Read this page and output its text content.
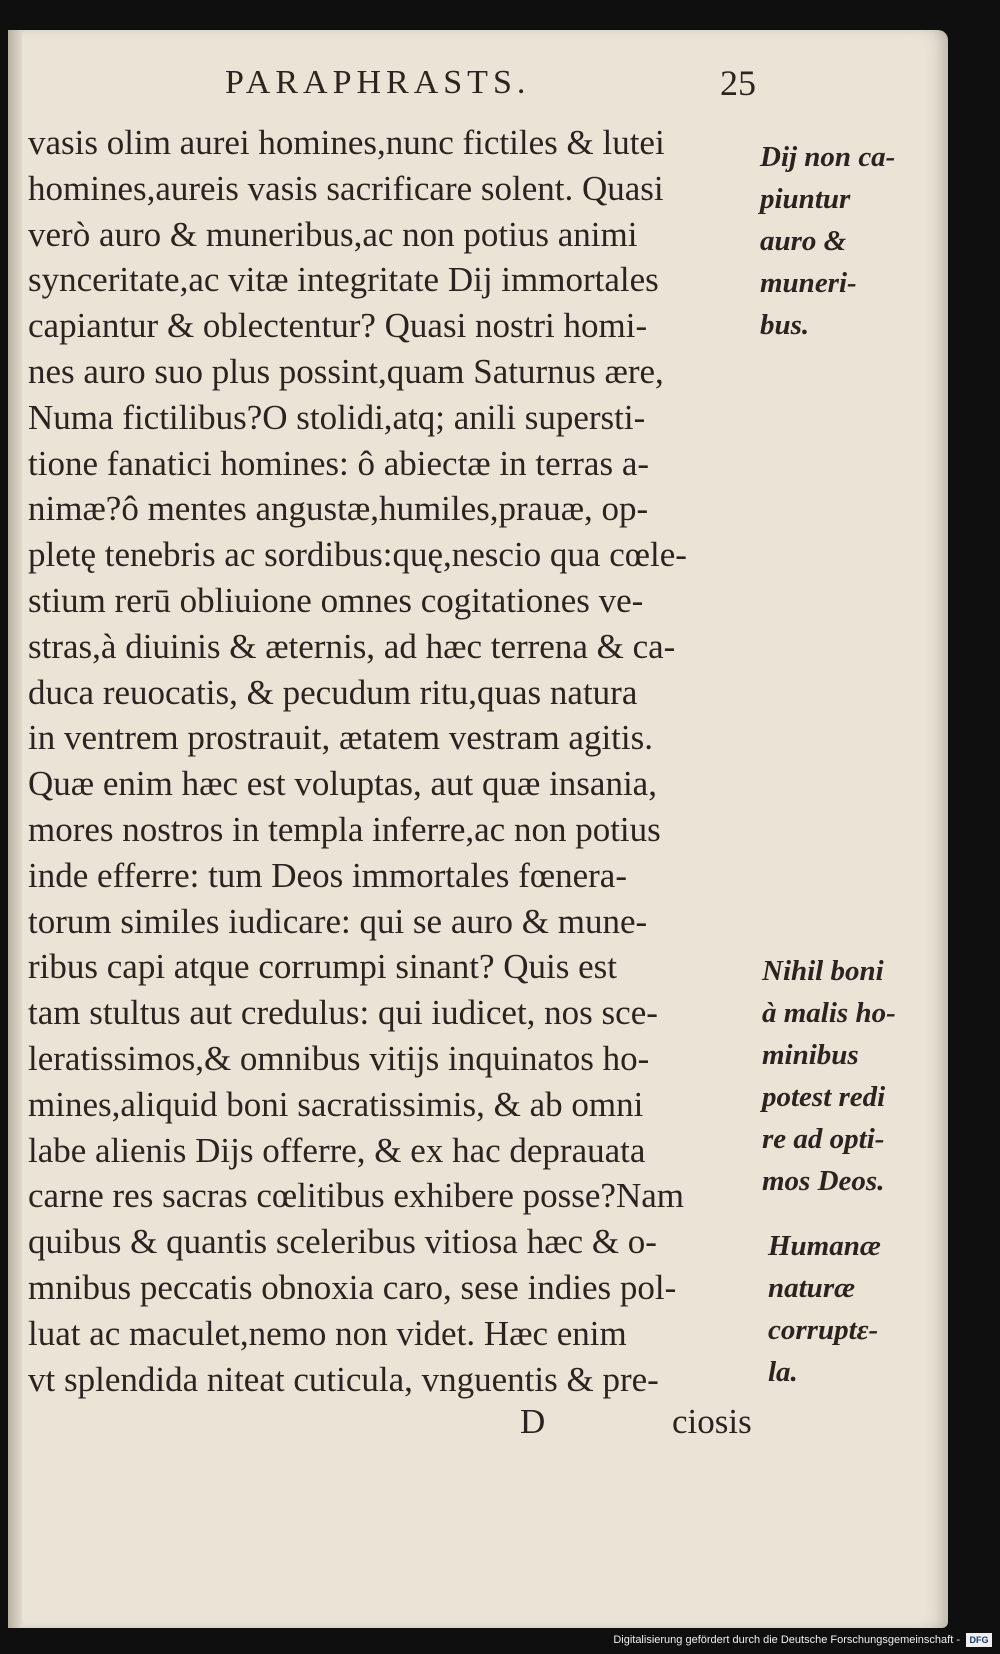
PARAPHRASTS.	25
vasis olim aurei homines,nunc fictiles & lutei
homines,aureis vasis sacrificare solent. Quasi
verò auro & muneribus,ac non potius animi
synceritate,ac vitæ integritate Dij immortales
capiantur & oblectentur? Quasi nostri homi-
nes auro suo plus possint,quam Saturnus ære,
Numa fictilibus?O stolidi,atq; anili supersti-
tione fanatici homines: ô abiectæ in terras a-
nimæ?ô mentes angustæ,humiles,prauæ, op-
pletę tenebris ac sordibus:quę,nescio qua cœle-
stium rerū obliuione omnes cogitationes ve-
stras,à diuinis & æternis, ad hæc terrena & ca-
duca reuocatis, & pecudum ritu,quas natura
in ventrem prostrauit, ætatem vestram agitis.
Quæ enim hæc est voluptas, aut quæ insania,
mores nostros in templa inferre,ac non potius
inde efferre: tum Deos immortales fœnera-
torum similes iudicare: qui se auro & mune-
ribus capi atque corrumpi sinant? Quis est
tam stultus aut credulus: qui iudicet, nos sce-
leratissimos,& omnibus vitijs inquinatos ho-
mines,aliquid boni sacratissimis, & ab omni
labe alienis Dijs offerre, & ex hac deprauata
carne res sacras cœlitibus exhibere posse?Nam
quibus & quantis sceleribus vitiosa hæc & o-
mnibus peccatis obnoxia caro, sese indies pol-
luat ac maculet,nemo non videt. Hæc enim
vt splendida niteat cuticula, vnguentis & pre-
Dij non ca-
piuntur
auro &
muneri-
bus.
Nihil boni
à malis ho-
minibus
potest redi
re ad opti-
mos Deos.
Humanæ
naturæ
corruptε-
la.
D	ciosis
Digitalisierung gefördert durch die Deutsche Forschungsgemeinschaft -	DFG
